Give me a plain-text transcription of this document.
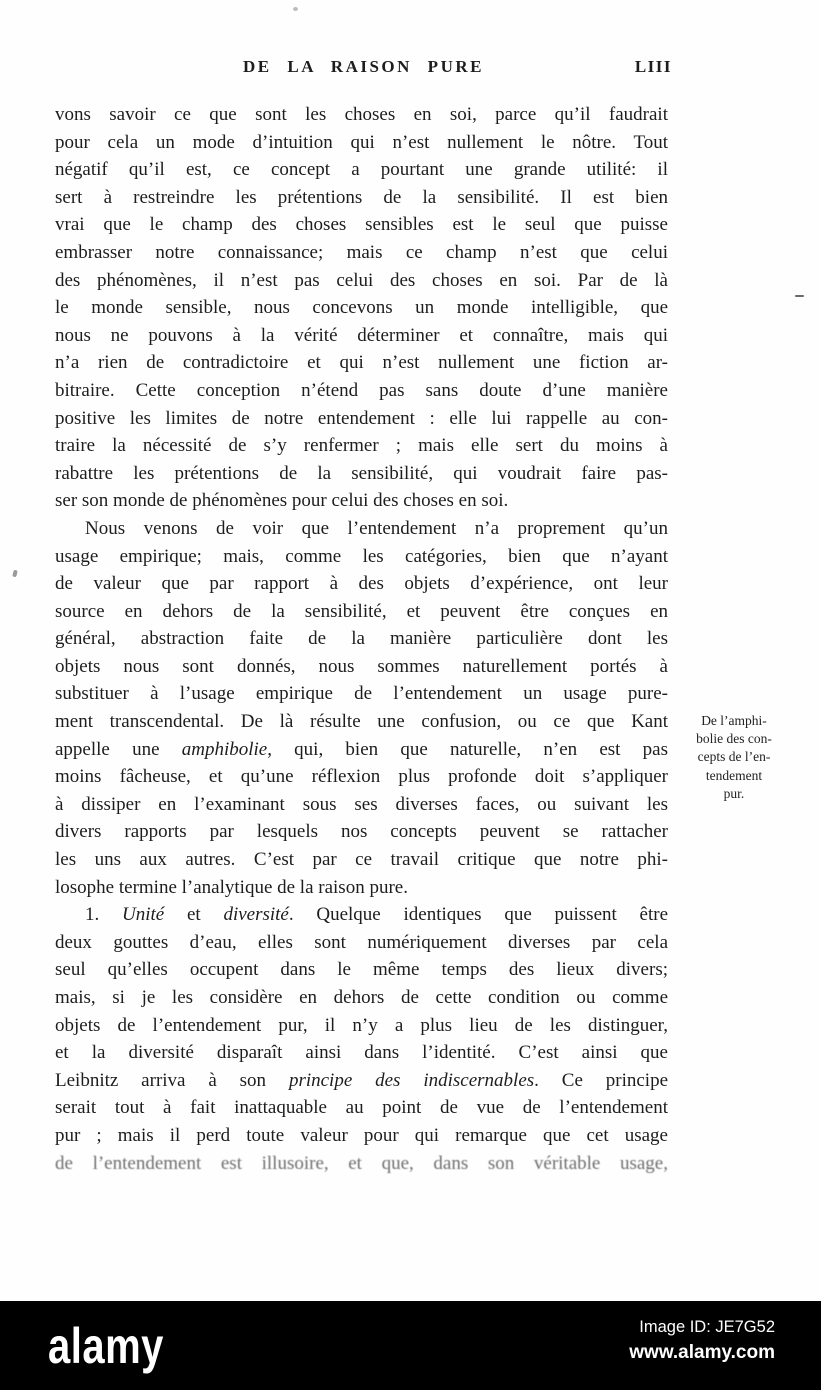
DE LA RAISON PURE	LIII
vons savoir ce que sont les choses en soi, parce qu’il faudrait
pour cela un mode d’intuition qui n’est nullement le nôtre. Tout
négatif qu’il est, ce concept a pourtant une grande utilité: il
sert à restreindre les prétentions de la sensibilité. Il est bien
vrai que le champ des choses sensibles est le seul que puisse
embrasser notre connaissance; mais ce champ n’est que celui
des phénomènes, il n’est pas celui des choses en soi. Par de là
le monde sensible, nous concevons un monde intelligible, que
nous ne pouvons à la vérité déterminer et connaître, mais qui
n’a rien de contradictoire et qui n’est nullement une fiction ar-
bitraire. Cette conception n’étend pas sans doute d’une manière
positive les limites de notre entendement : elle lui rappelle au con-
traire la nécessité de s’y renfermer ; mais elle sert du moins à
rabattre les prétentions de la sensibilité, qui voudrait faire pas-
ser son monde de phénomènes pour celui des choses en soi.
Nous venons de voir que l’entendement n’a proprement qu’un
usage empirique; mais, comme les catégories, bien que n’ayant
de valeur que par rapport à des objets d’expérience, ont leur
source en dehors de la sensibilité, et peuvent être conçues en
général, abstraction faite de la manière particulière dont les
objets nous sont donnés, nous sommes naturellement portés à
substituer à l’usage empirique de l’entendement un usage pure-
ment transcendental. De là résulte une confusion, ou ce que Kant
appelle une amphibolie, qui, bien que naturelle, n’en est pas
moins fâcheuse, et qu’une réflexion plus profonde doit s’appliquer
à dissiper en l’examinant sous ses diverses faces, ou suivant les
divers rapports par lesquels nos concepts peuvent se rattacher
les uns aux autres. C’est par ce travail critique que notre phi-
losophe termine l’analytique de la raison pure.
1. Unité et diversité. Quelque identiques que puissent être
deux gouttes d’eau, elles sont numériquement diverses par cela
seul qu’elles occupent dans le même temps des lieux divers;
mais, si je les considère en dehors de cette condition ou comme
objets de l’entendement pur, il n’y a plus lieu de les distinguer,
et la diversité disparaît ainsi dans l’identité. C’est ainsi que
Leibnitz arriva à son principe des indiscernables. Ce principe
serait tout à fait inattaquable au point de vue de l’entendement
pur ; mais il perd toute valeur pour qui remarque que cet usage
de l’entendement est illusoire, et que, dans son véritable usage,
De l’amphi-
bolie des con-
cepts de l’en-
tendement
pur.
alamy	Image ID: JE7G52
www.alamy.com
